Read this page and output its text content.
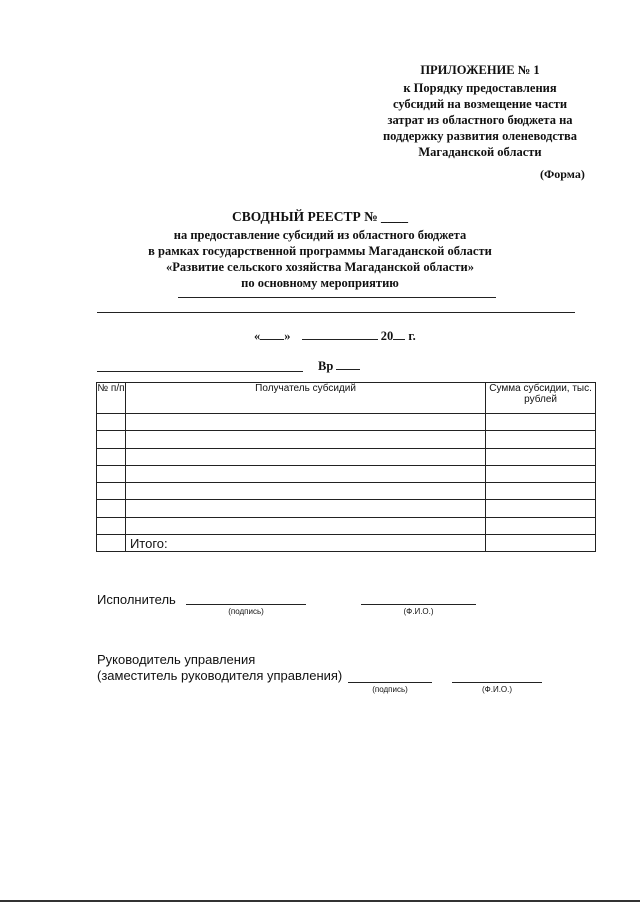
ПРИЛОЖЕНИЕ № 1
к Порядку предоставления
субсидий на возмещение части
затрат из областного бюджета на
поддержку развития оленеводства
Магаданской области
(Форма)
СВОДНЫЙ РЕЕСТР № ____
на предоставление субсидий из областного бюджета
в рамках государственной программы Магаданской области
«Развитие сельского хозяйства Магаданской области»
по основному мероприятию
« »	20 г.
Вр
№ п/п	Получатель субсидий	Сумма субсидии, тыс. рублей

	Итого:	
Исполнитель
(подпись)	(Ф.И.О.)
Руководитель управления
(заместитель руководителя управления)
(подпись)	(Ф.И.О.)
